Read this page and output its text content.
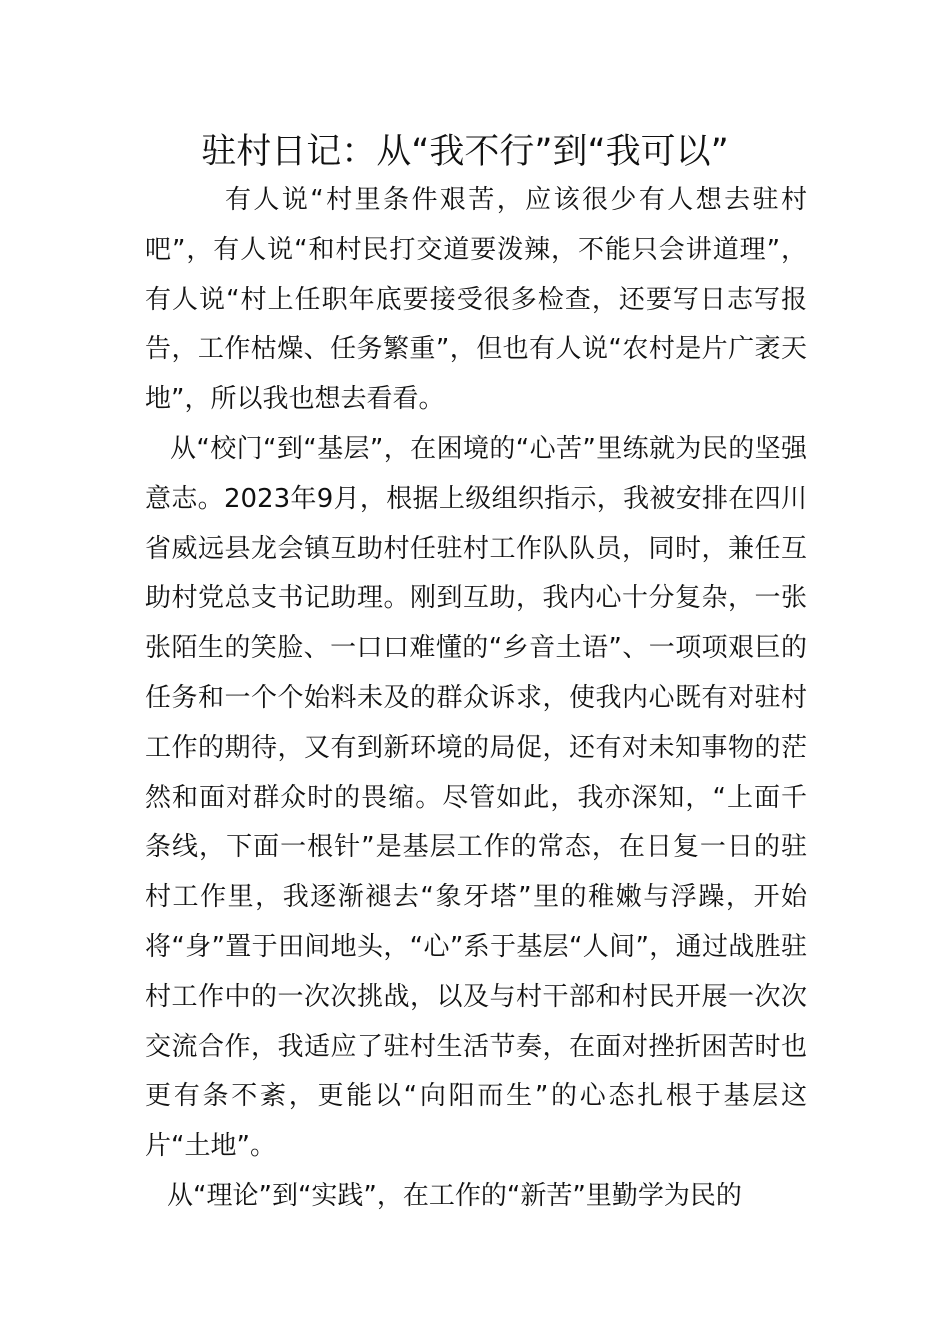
驻村日记：从“我不行”到“我可以”

有人说“村里条件艰苦，应该很少有人想去驻村吧”，有人说“和村民打交道要泼辣，不能只会讲道理”，有人说“村上任职年底要接受很多检查，还要写日志写报告，工作枯燥、任务繁重”，但也有人说“农村是片广袤天地”，所以我也想去看看。

从“校门“到“基层”，在困境的“心苦”里练就为民的坚强意志。2023年9月，根据上级组织指示，我被安排在四川省威远县龙会镇互助村任驻村工作队队员，同时，兼任互助村党总支书记助理。刚到互助，我内心十分复杂，一张张陌生的笑脸、一口口难懂的“乡音土语”、一项项艰巨的任务和一个个始料未及的群众诉求，使我内心既有对驻村工作的期待，又有到新环境的局促，还有对未知事物的茫然和面对群众时的畏缩。尽管如此，我亦深知，“上面千条线，下面一根针”是基层工作的常态，在日复一日的驻村工作里，我逐渐褪去“象牙塔”里的稚嫩与浮躁，开始将“身”置于田间地头，“心”系于基层“人间”，通过战胜驻村工作中的一次次挑战，以及与村干部和村民开展一次次交流合作，我适应了驻村生活节奏，在面对挫折困苦时也更有条不紊，更能以“向阳而生”的心态扎根于基层这片“土地”。

从“理论”到“实践”，在工作的“新苦”里勤学为民的
